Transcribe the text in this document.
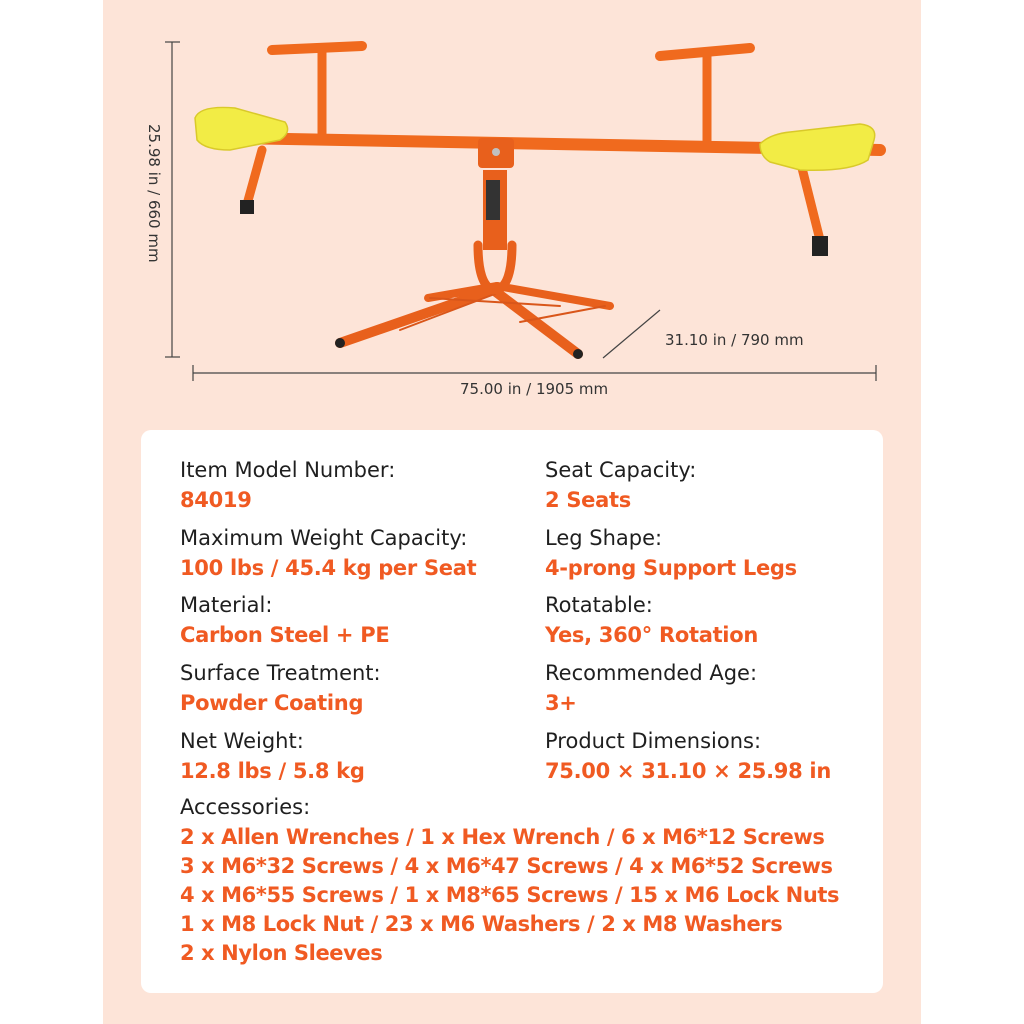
25.98 in / 660 mm
31.10 in / 790 mm
75.00 in / 1905 mm
Item Model Number:
84019
Maximum Weight Capacity:
100 lbs / 45.4 kg per Seat
Material:
Carbon Steel + PE
Surface Treatment:
Powder Coating
Net Weight:
12.8 lbs / 5.8 kg
Seat Capacity:
2 Seats
Leg Shape:
4-prong Support Legs
Rotatable:
Yes, 360° Rotation
Recommended Age:
3+
Product Dimensions:
75.00 × 31.10 × 25.98 in
Accessories:
2 x Allen Wrenches / 1 x Hex Wrench / 6 x M6*12 Screws
3 x M6*32 Screws / 4 x M6*47 Screws / 4 x M6*52 Screws
4 x M6*55 Screws / 1 x M8*65 Screws / 15 x M6 Lock Nuts
1 x M8 Lock Nut / 23 x M6 Washers / 2 x M8 Washers
2 x Nylon Sleeves
